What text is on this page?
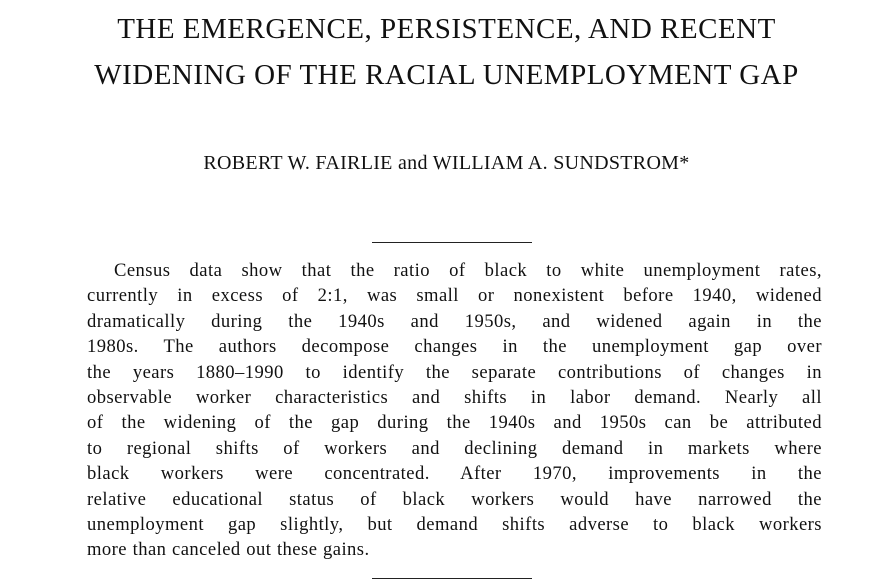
THE EMERGENCE, PERSISTENCE, AND RECENT
WIDENING OF THE RACIAL UNEMPLOYMENT GAP

ROBERT W. FAIRLIE and WILLIAM A. SUNDSTROM*

Census data show that the ratio of black to white unemployment rates,
currently in excess of 2:1, was small or nonexistent before 1940, widened
dramatically during the 1940s and 1950s, and widened again in the
1980s. The authors decompose changes in the unemployment gap over
the years 1880–1990 to identify the separate contributions of changes in
observable worker characteristics and shifts in labor demand. Nearly all
of the widening of the gap during the 1940s and 1950s can be attributed
to regional shifts of workers and declining demand in markets where
black workers were concentrated. After 1970, improvements in the
relative educational status of black workers would have narrowed the
unemployment gap slightly, but demand shifts adverse to black workers
more than canceled out these gains.
